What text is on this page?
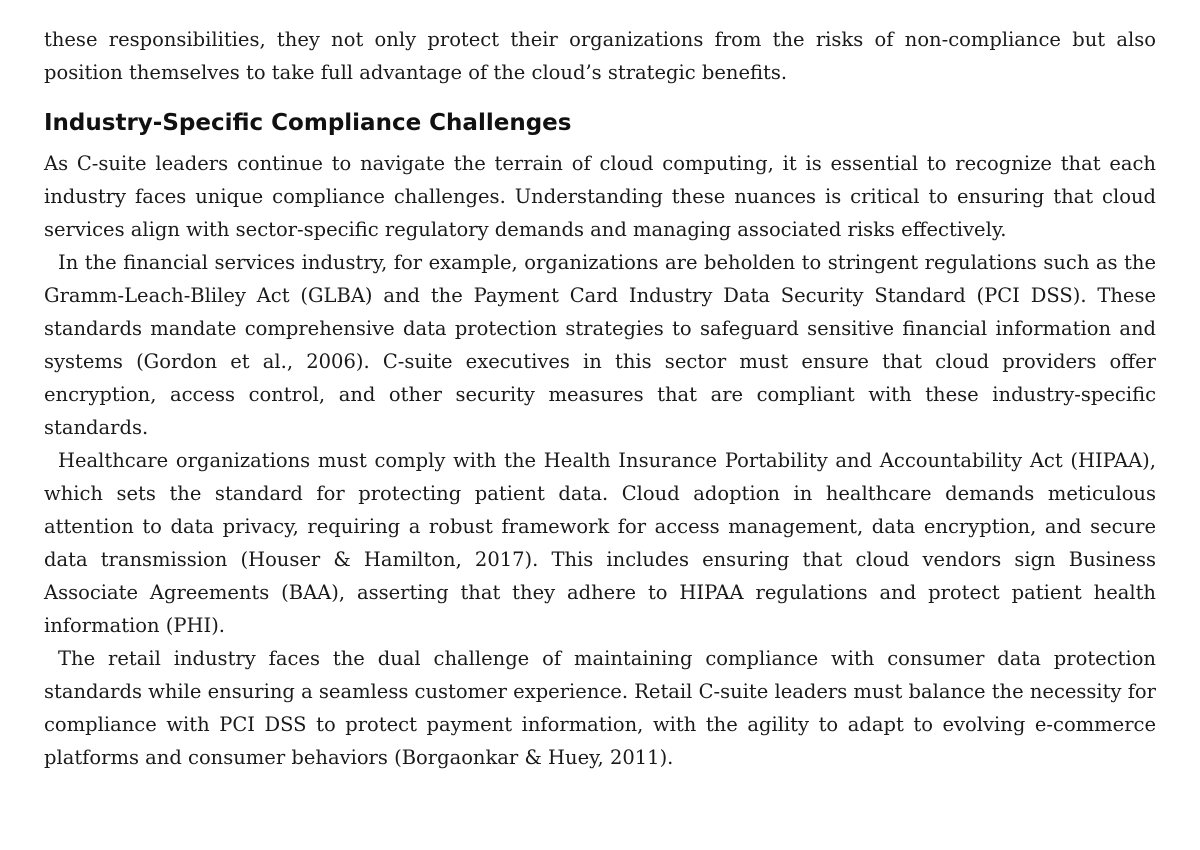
these responsibilities, they not only protect their organizations from the risks of non-compliance but also position themselves to take full advantage of the cloud’s strategic benefits.

Industry-Specific Compliance Challenges

As C-suite leaders continue to navigate the terrain of cloud computing, it is essential to recognize that each industry faces unique compliance challenges. Understanding these nuances is critical to ensuring that cloud services align with sector-specific regulatory demands and managing associated risks effectively.

In the financial services industry, for example, organizations are beholden to stringent regulations such as the Gramm-Leach-Bliley Act (GLBA) and the Payment Card Industry Data Security Standard (PCI DSS). These standards mandate comprehensive data protection strategies to safeguard sensitive financial information and systems (Gordon et al., 2006). C-suite executives in this sector must ensure that cloud providers offer encryption, access control, and other security measures that are compliant with these industry-specific standards.

Healthcare organizations must comply with the Health Insurance Portability and Accountability Act (HIPAA), which sets the standard for protecting patient data. Cloud adoption in healthcare demands meticulous attention to data privacy, requiring a robust framework for access management, data encryption, and secure data transmission (Houser & Hamilton, 2017). This includes ensuring that cloud vendors sign Business Associate Agreements (BAA), asserting that they adhere to HIPAA regulations and protect patient health information (PHI).

The retail industry faces the dual challenge of maintaining compliance with consumer data protection standards while ensuring a seamless customer experience. Retail C-suite leaders must balance the necessity for compliance with PCI DSS to protect payment information, with the agility to adapt to evolving e-commerce platforms and consumer behaviors (Borgaonkar & Huey, 2011).
